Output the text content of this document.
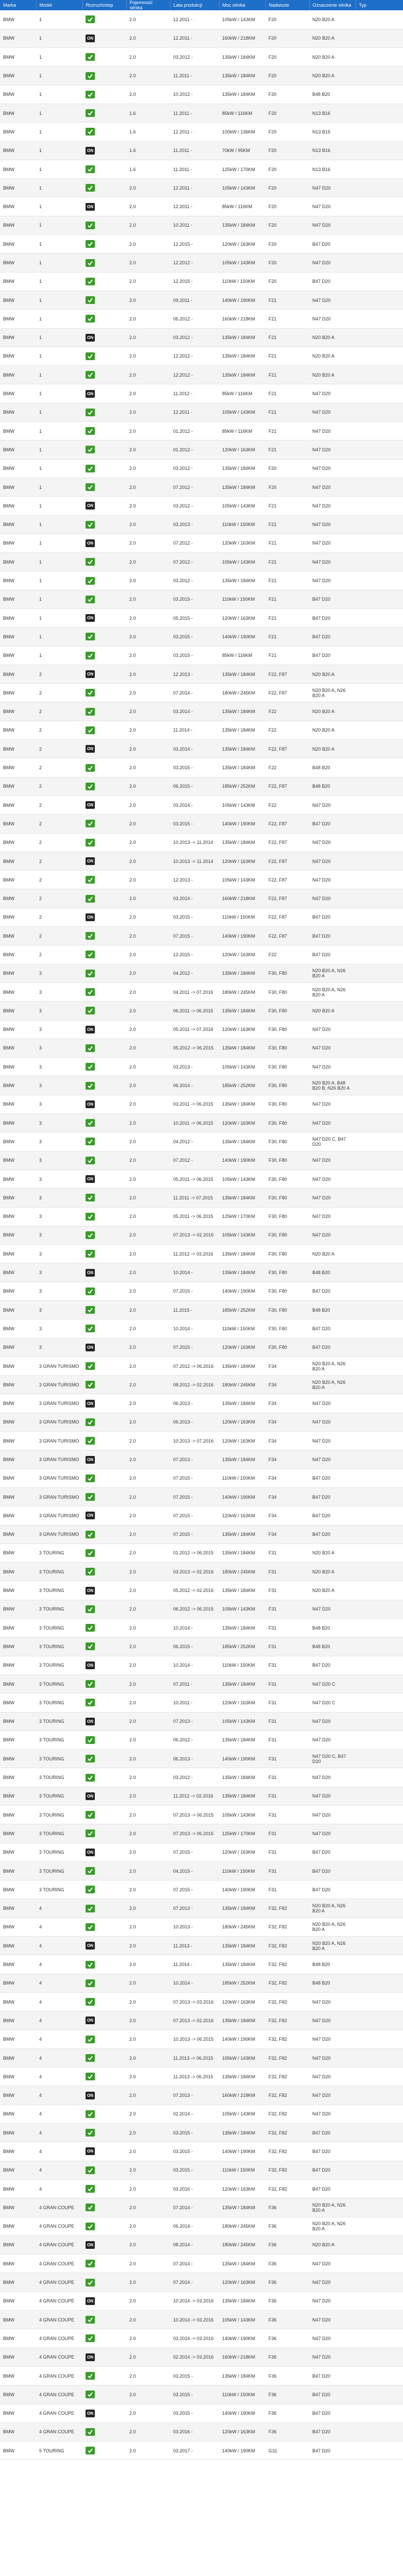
Marka	Model	Rozruch/stop	Pojemność silnika	Lata produkcji	Moc silnika	Nadwozie	Oznaczenie silnika	Typ
BMW	1		2.0	12.2011 -	105kW / 143KM	F20	N20 B20 A	
BMW	1	ON	2.0	12.2011 -	160kW / 218KM	F20	N20 B20 A	
BMW	1		2.0	03.2012 -	135kW / 184KM	F20	N20 B20 A	
BMW	1		2.0	11.2011 -	135kW / 184KM	F20	N20 B20 A	
BMW	1		2.0	10.2012 -	135kW / 184KM	F20	B48 B20	
BMW	1		1.6	11.2011 -	85kW / 116KM	F20	N13 B16	
BMW	1		1.6	12.2011 -	100kW / 136KM	F20	N13 B16	
BMW	1	ON	1.6	11.2011 -	70kW / 95KM	F20	N13 B16	
BMW	1		1.6	11.2011 -	125kW / 170KM	F20	N13 B16	
BMW	1		2.0	12.2011 -	105kW / 143KM	F20	N47 D20	
BMW	1	ON	2.0	12.2011 -	85kW / 116KM	F20	N47 D20	
BMW	1		2.0	10.2011 -	135kW / 184KM	F20	N47 D20	
BMW	1		2.0	12.2015 -	120kW / 163KM	F20	B47 D20	
BMW	1		2.0	12.2012 -	105kW / 143KM	F20	N47 D20	
BMW	1		2.0	12.2015 -	110kW / 150KM	F20	B47 D20	
BMW	1		2.0	09.2011 -	140kW / 190KM	F21	N47 D20	
BMW	1		2.0	06.2012 -	160kW / 218KM	F21	N47 D20	
BMW	1	ON	2.0	03.2012 -	135kW / 184KM	F21	N20 B20 A	
BMW	1		2.0	12.2012 -	135kW / 184KM	F21	N20 B20 A	
BMW	1		2.0	12.2012 -	135kW / 184KM	F21	N20 B20 A	
BMW	1	ON	2.0	11.2012 -	85kW / 116KM	F21	N47 D20	
BMW	1		2.0	12.2011 -	105kW / 143KM	F21	N47 D20	
BMW	1		2.0	01.2012 -	85kW / 116KM	F21	N47 D20	
BMW	1		2.0	01.2012 -	120kW / 163KM	F21	N47 D20	
BMW	1		2.0	03.2012 -	135kW / 184KM	F20	N47 D20	
BMW	1		2.0	07.2012 -	135kW / 184KM	F20	N47 D20	
BMW	1	ON	2.0	03.2012 -	105kW / 143KM	F21	N47 D20	
BMW	1		2.0	03.2013 -	110kW / 150KM	F21	N47 D20	
BMW	1	ON	2.0	07.2012 -	120kW / 163KM	F21	N47 D20	
BMW	1		2.0	07.2012 -	105kW / 143KM	F21	N47 D20	
BMW	1		2.0	03.2012 -	135kW / 184KM	F21	N47 D20	
BMW	1		2.0	03.2015 -	110kW / 150KM	F21	B47 D20	
BMW	1	ON	2.0	05.2015 -	120kW / 163KM	F21	B47 D20	
BMW	1		2.0	03.2015 -	140kW / 190KM	F21	B47 D20	
BMW	1		2.0	03.2015 -	85kW / 116KM	F21	B47 D20	
BMW	2	ON	2.0	12.2013 -	135kW / 184KM	F22, F87	N20 B20 A	
BMW	2		2.0	07.2014 -	180kW / 245KM	F22, F87	N20 B20 A, N26 B20 A	
BMW	2		2.0	03.2014 -	135kW / 184KM	F22	N20 B20 A	
BMW	2		2.0	11.2014 -	135kW / 184KM	F22	N20 B20 A	
BMW	2	ON	2.0	03.2014 -	135kW / 184KM	F22, F87	N20 B20 A	
BMW	2		2.0	03.2015 -	135kW / 184KM	F22	B48 B20	
BMW	2		2.0	06.2015 -	185kW / 252KM	F22, F87	B48 B20	
BMW	2	ON	2.0	03.2014 -	105kW / 143KM	F22	N47 D20	
BMW	2		2.0	03.2015 -	140kW / 190KM	F22, F87	B47 D20	
BMW	2		2.0	10.2013 -> 11.2014	135kW / 184KM	F22, F87	N47 D20	
BMW	2	ON	2.0	10.2013 -> 11.2014	120kW / 163KM	F22, F87	N47 D20	
BMW	2		2.0	12.2013 -	105kW / 143KM	F22, F87	N47 D20	
BMW	2		2.0	03.2014 -	160kW / 218KM	F22, F87	N47 D20	
BMW	2	ON	2.0	03.2015 -	110kW / 150KM	F22, F87	B47 D20	
BMW	2		2.0	07.2015 -	140kW / 190KM	F22, F87	B47 D20	
BMW	2		2.0	12.2015 -	120kW / 163KM	F22	B47 D20	
BMW	3		2.0	04.2012 -	135kW / 184KM	F30, F80	N20 B20 A, N26 B20 A	
BMW	3		2.0	04.2011 -> 07.2016	180kW / 245KM	F30, F80	N20 B20 A, N26 B20 A	
BMW	3		2.0	06.2011 -> 06.2015	135kW / 184KM	F30, F80	N20 B20 A	
BMW	3	ON	2.0	05.2011 -> 07.2016	120kW / 163KM	F30, F80	N47 D20	
BMW	3		2.0	05.2012 -> 06.2015	135kW / 184KM	F30, F80	N47 D20	
BMW	3		2.0	03.2013 -	105kW / 143KM	F30, F80	N47 D20	
BMW	3		2.0	06.2014 -	185kW / 252KM	F30, F80	N20 B20 A, B48 B20 B, N26 B20 A	
BMW	3	ON	2.0	03.2011 -> 06.2015	135kW / 184KM	F30, F80	N47 D20	
BMW	3		2.0	10.2011 -> 06.2015	120kW / 163KM	F30, F80	N47 D20	
BMW	3		2.0	04.2012 -	135kW / 184KM	F30, F80	N47 D20 C, B47 D20	
BMW	3		2.0	07.2012 -	140kW / 190KM	F30, F80	N47 D20	
BMW	3	ON	2.0	05.2011 -> 06.2015	105kW / 143KM	F30, F80	N47 D20	
BMW	3		2.0	11.2011 -> 07.2015	135kW / 184KM	F30, F80	N47 D20	
BMW	3		2.0	05.2011 -> 06.2015	125kW / 170KM	F30, F80	N47 D20	
BMW	3		2.0	07.2013 -> 02.2016	105kW / 143KM	F30, F80	N47 D20	
BMW	3		2.0	11.2012 -> 03.2016	135kW / 184KM	F30, F80	N20 B20 A	
BMW	3	ON	2.0	10.2014 -	135kW / 184KM	F30, F80	B48 B20	
BMW	3		2.0	07.2015 -	140kW / 190KM	F30, F80	B47 D20	
BMW	3		2.0	11.2015 -	185kW / 252KM	F30, F80	B48 B20	
BMW	3		2.0	10.2014 -	110kW / 150KM	F30, F80	B47 D20	
BMW	3	ON	2.0	07.2015 -	120kW / 163KM	F30, F80	B47 D20	
BMW	3 GRAN TURISMO		2.0	07.2012 -> 06.2016	135kW / 184KM	F34	N20 B20 A, N26 B20 A	
BMW	3 GRAN TURISMO		2.0	08.2012 -> 02.2016	180kW / 245KM	F34	N20 B20 A, N26 B20 A	
BMW	3 GRAN TURISMO	ON	2.0	06.2013 -	135kW / 184KM	F34	N47 D20	
BMW	3 GRAN TURISMO		2.0	06.2013 -	120kW / 163KM	F34	N47 D20	
BMW	3 GRAN TURISMO		2.0	10.2013 -> 07.2016	120kW / 163KM	F34	N47 D20	
BMW	3 GRAN TURISMO	ON	2.0	07.2013 -	135kW / 184KM	F34	N47 D20	
BMW	3 GRAN TURISMO		2.0	07.2015 -	110kW / 150KM	F34	B47 D20	
BMW	3 GRAN TURISMO		2.0	07.2015 -	140kW / 190KM	F34	B47 D20	
BMW	3 GRAN TURISMO	ON	2.0	07.2015 -	120kW / 163KM	F34	B47 D20	
BMW	3 GRAN TURISMO		2.0	07.2015 -	135kW / 184KM	F34	B47 D20	
BMW	3 TOURING		2.0	01.2012 -> 06.2015	135kW / 184KM	F31	N20 B20 A	
BMW	3 TOURING		2.0	03.2013 -> 02.2016	180kW / 245KM	F31	N20 B20 A	
BMW	3 TOURING	ON	2.0	05.2012 -> 02.2016	135kW / 184KM	F31	N20 B20 A	
BMW	3 TOURING		2.0	06.2012 -> 06.2015	105kW / 143KM	F31	N47 D20	
BMW	3 TOURING		2.0	10.2014 -	135kW / 184KM	F31	B48 B20	
BMW	3 TOURING		2.0	06.2015 -	185kW / 252KM	F31	B48 B20	
BMW	3 TOURING	ON	2.0	10.2014 -	110kW / 150KM	F31	B47 D20	
BMW	3 TOURING		2.0	07.2011 -	135kW / 184KM	F31	N47 D20 C	
BMW	3 TOURING		2.0	10.2011 -	120kW / 163KM	F31	N47 D20 C	
BMW	3 TOURING	ON	2.0	07.2013 -	105kW / 143KM	F31	N47 D20	
BMW	3 TOURING		2.0	06.2012 -	135kW / 184KM	F31	N47 D20	
BMW	3 TOURING		2.0	06.2013 -	140kW / 190KM	F31	N47 D20 C, B47 D20	
BMW	3 TOURING		2.0	03.2012 -	135kW / 184KM	F31	N47 D20	
BMW	3 TOURING	ON	2.0	11.2012 -> 02.2016	135kW / 184KM	F31	N47 D20	
BMW	3 TOURING		2.0	07.2013 -> 06.2015	105kW / 143KM	F31	N47 D20	
BMW	3 TOURING		2.0	07.2013 -> 06.2015	125kW / 170KM	F31	N47 D20	
BMW	3 TOURING	ON	2.0	07.2015 -	120kW / 163KM	F31	B47 D20	
BMW	3 TOURING		2.0	04.2015 -	110kW / 150KM	F31	B47 D20	
BMW	3 TOURING		2.0	07.2015 -	140kW / 190KM	F31	B47 D20	
BMW	4		2.0	07.2013 -	135kW / 184KM	F32, F82	N20 B20 A, N26 B20 A	
BMW	4		2.0	10.2013 -	180kW / 245KM	F32, F82	N20 B20 A, N26 B20 A	
BMW	4	ON	2.0	11.2013 -	135kW / 184KM	F32, F82	N20 B20 A, N26 B20 A	
BMW	4		2.0	11.2014 -	135kW / 184KM	F32, F82	B48 B20	
BMW	4		2.0	10.2014 -	185kW / 252KM	F32, F82	B48 B20	
BMW	4		2.0	07.2013 -> 03.2016	120kW / 163KM	F32, F82	N47 D20	
BMW	4	ON	2.0	07.2013 -> 02.2016	135kW / 184KM	F32, F82	N47 D20	
BMW	4		2.0	10.2013 -> 06.2015	140kW / 190KM	F32, F82	N47 D20	
BMW	4		2.0	11.2013 -> 06.2015	105kW / 143KM	F32, F82	N47 D20	
BMW	4		2.0	11.2013 -> 06.2015	135kW / 184KM	F32, F82	N47 D20	
BMW	4	ON	2.0	07.2013 -	160kW / 218KM	F32, F82	N47 D20	
BMW	4		2.0	02.2014 -	105kW / 143KM	F32, F82	N47 D20	
BMW	4		2.0	03.2015 -	135kW / 184KM	F32, F82	B47 D20	
BMW	4	ON	2.0	03.2015 -	140kW / 190KM	F32, F82	B47 D20	
BMW	4		2.0	03.2015 -	110kW / 150KM	F32, F82	B47 D20	
BMW	4		2.0	03.2016 -	120kW / 163KM	F32, F82	B47 D20	
BMW	4 GRAN COUPE		2.0	07.2014 -	135kW / 184KM	F36	N20 B20 A, N26 B20 A	
BMW	4 GRAN COUPE		2.0	06.2014 -	180kW / 245KM	F36	N20 B20 A, N26 B20 A	
BMW	4 GRAN COUPE	ON	2.0	08.2014 -	180kW / 245KM	F36	N20 B20 A	
BMW	4 GRAN COUPE		2.0	07.2014 -	135kW / 184KM	F36	N47 D20	
BMW	4 GRAN COUPE		2.0	07.2014 -	120kW / 163KM	F36	N47 D20	
BMW	4 GRAN COUPE	ON	2.0	10.2014 -> 03.2016	135kW / 184KM	F36	N47 D20	
BMW	4 GRAN COUPE		2.0	10.2014 -> 03.2016	105kW / 143KM	F36	N47 D20	
BMW	4 GRAN COUPE		2.0	03.2014 -> 03.2016	140kW / 190KM	F36	N47 D20	
BMW	4 GRAN COUPE	ON	2.0	02.2014 -> 03.2016	160kW / 218KM	F36	N47 D20	
BMW	4 GRAN COUPE		2.0	03.2015 -	135kW / 184KM	F36	B47 D20	
BMW	4 GRAN COUPE		2.0	03.2015 -	110kW / 150KM	F36	B47 D20	
BMW	4 GRAN COUPE	ON	2.0	03.2015 -	140kW / 190KM	F36	B47 D20	
BMW	4 GRAN COUPE		2.0	03.2016 -	120kW / 163KM	F36	B47 D20	
BMW	5 TOURING		2.0	03.2017 -	140kW / 190KM	G31	B47 D20	
